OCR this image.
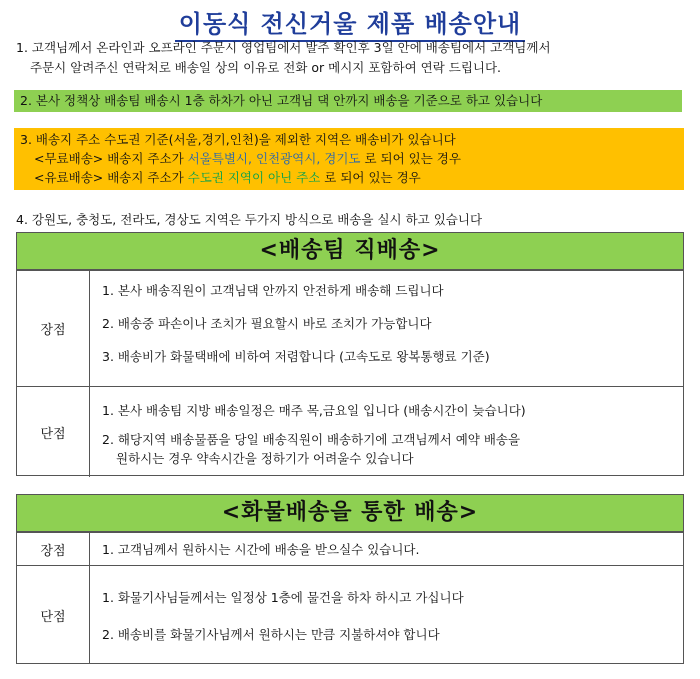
이동식 전신거울 제품 배송안내
1. 고객님께서 온라인과 오프라인 주문시 영업팀에서 발주 확인후 3일 안에 배송팀에서 고객님께서
주문시 알려주신 연락처로 배송일 상의 이유로 전화 or 메시지 포함하여 연락 드립니다.
2. 본사 정책상 배송팀 배송시 1층 하차가 아닌 고객님 댁 안까지 배송을 기준으로 하고 있습니다
3. 배송지 주소 수도권 기준(서울,경기,인천)을 제외한 지역은 배송비가 있습니다
<무료배송> 배송지 주소가 서울특별시, 인천광역시, 경기도 로 되어 있는 경우
<유료배송> 배송지 주소가 수도권 지역이 아닌 주소 로 되어 있는 경우
4. 강원도, 충청도, 전라도, 경상도 지역은 두가지 방식으로 배송을 실시 하고 있습니다
<배송팀 직배송>
장점
1. 본사 배송직원이 고객님댁 안까지 안전하게 배송해 드립니다
2. 배송중 파손이나 조치가 필요할시 바로 조치가 가능합니다
3. 배송비가 화물택배에 비하여 저렴합니다 (고속도로 왕복통행료 기준)
단점
1. 본사 배송팀 지방 배송일정은 매주 목,금요일 입니다 (배송시간이 늦습니다)
2. 해당지역 배송물품을 당일 배송직원이 배송하기에 고객님께서 예약 배송을
원하시는 경우 약속시간을 정하기가 어려울수 있습니다
<화물배송을 통한 배송>
장점	1. 고객님께서 원하시는 시간에 배송을 받으실수 있습니다.
단점
1. 화물기사님들께서는 일정상 1층에 물건을 하차 하시고 가십니다
2. 배송비를 화물기사님께서 원하시는 만큼 지불하셔야 합니다
